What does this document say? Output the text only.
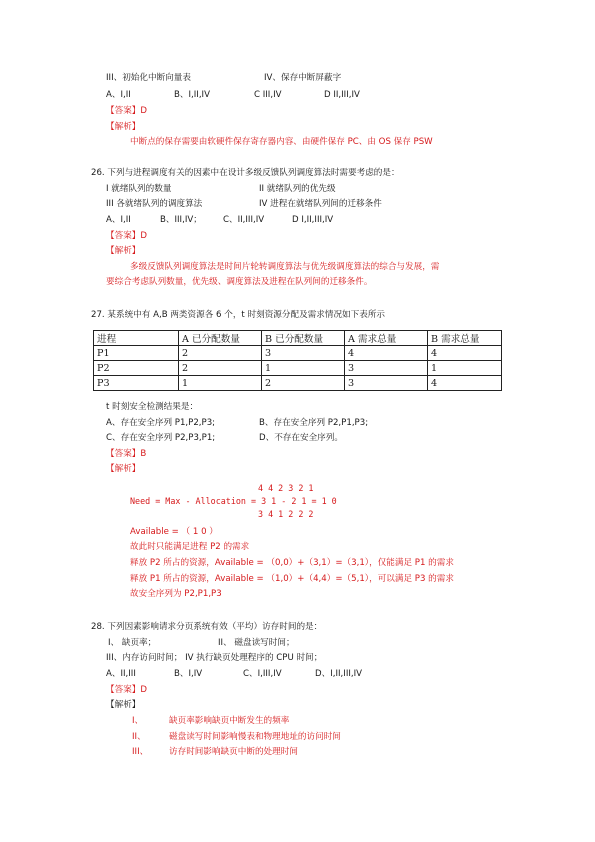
III、初始化中断向量表	IV、保存中断屏蔽字
A、I,II	B、I,II,IV	C III,IV	D II,III,IV
【答案】D
【解析】
中断点的保存需要由软硬件保存寄存器内容、由硬件保存 PC、由 OS 保存 PSW
26. 下列与进程调度有关的因素中在设计多级反馈队列调度算法时需要考虑的是：
I 就绪队列的数量	II 就绪队列的优先级
III 各就绪队列的调度算法	IV 进程在就绪队列间的迁移条件
A、I,II	B、III,IV； C、II,III,IV	D I,II,III,IV
【答案】D
【解析】
多级反馈队列调度算法是时间片轮转调度算法与优先级调度算法的综合与发展，需
要综合考虑队列数量，优先级、调度算法及进程在队列间的迁移条件。
27. 某系统中有 A,B 两类资源各 6 个，t 时刻资源分配及需求情况如下表所示
进程	A 已分配数量	B 已分配数量	A 需求总量	B 需求总量
P1	2	3	4	4
P2	2	1	3	1
P3	1	2	3	4
t 时刻安全检测结果是：
A、存在安全序列 P1,P2,P3;	B、存在安全序列 P2,P1,P3;
C、存在安全序列 P2,P3,P1;	D、不存在安全序列。
【答案】B
【解析】
4 4 2 3 2 1
Need = Max - Allocation = 3 1 - 2 1 = 1 0
3 4 1 2 2 2
Available = （ 1 0 ）
故此时只能满足进程 P2 的需求
释放 P2 所占的资源，Available = （0,0）+（3,1）=（3,1），仅能满足 P1 的需求
释放 P1 所占的资源，Available = （1,0）+（4,4）=（5,1），可以满足 P3 的需求
故安全序列为 P2,P1,P3
28. 下列因素影响请求分页系统有效（平均）访存时间的是：
I、 缺页率；	II、 磁盘读写时间；
III、内存访问时间； IV 执行缺页处理程序的 CPU 时间；
A、II,III	B、I,IV	C、I,III,IV	D、I,II,III,IV
【答案】D
【解析】
I、	缺页率影响缺页中断发生的频率
II、	磁盘读写时间影响慢表和物理地址的访问时间
III、 访存时间影响缺页中断的处理时间
